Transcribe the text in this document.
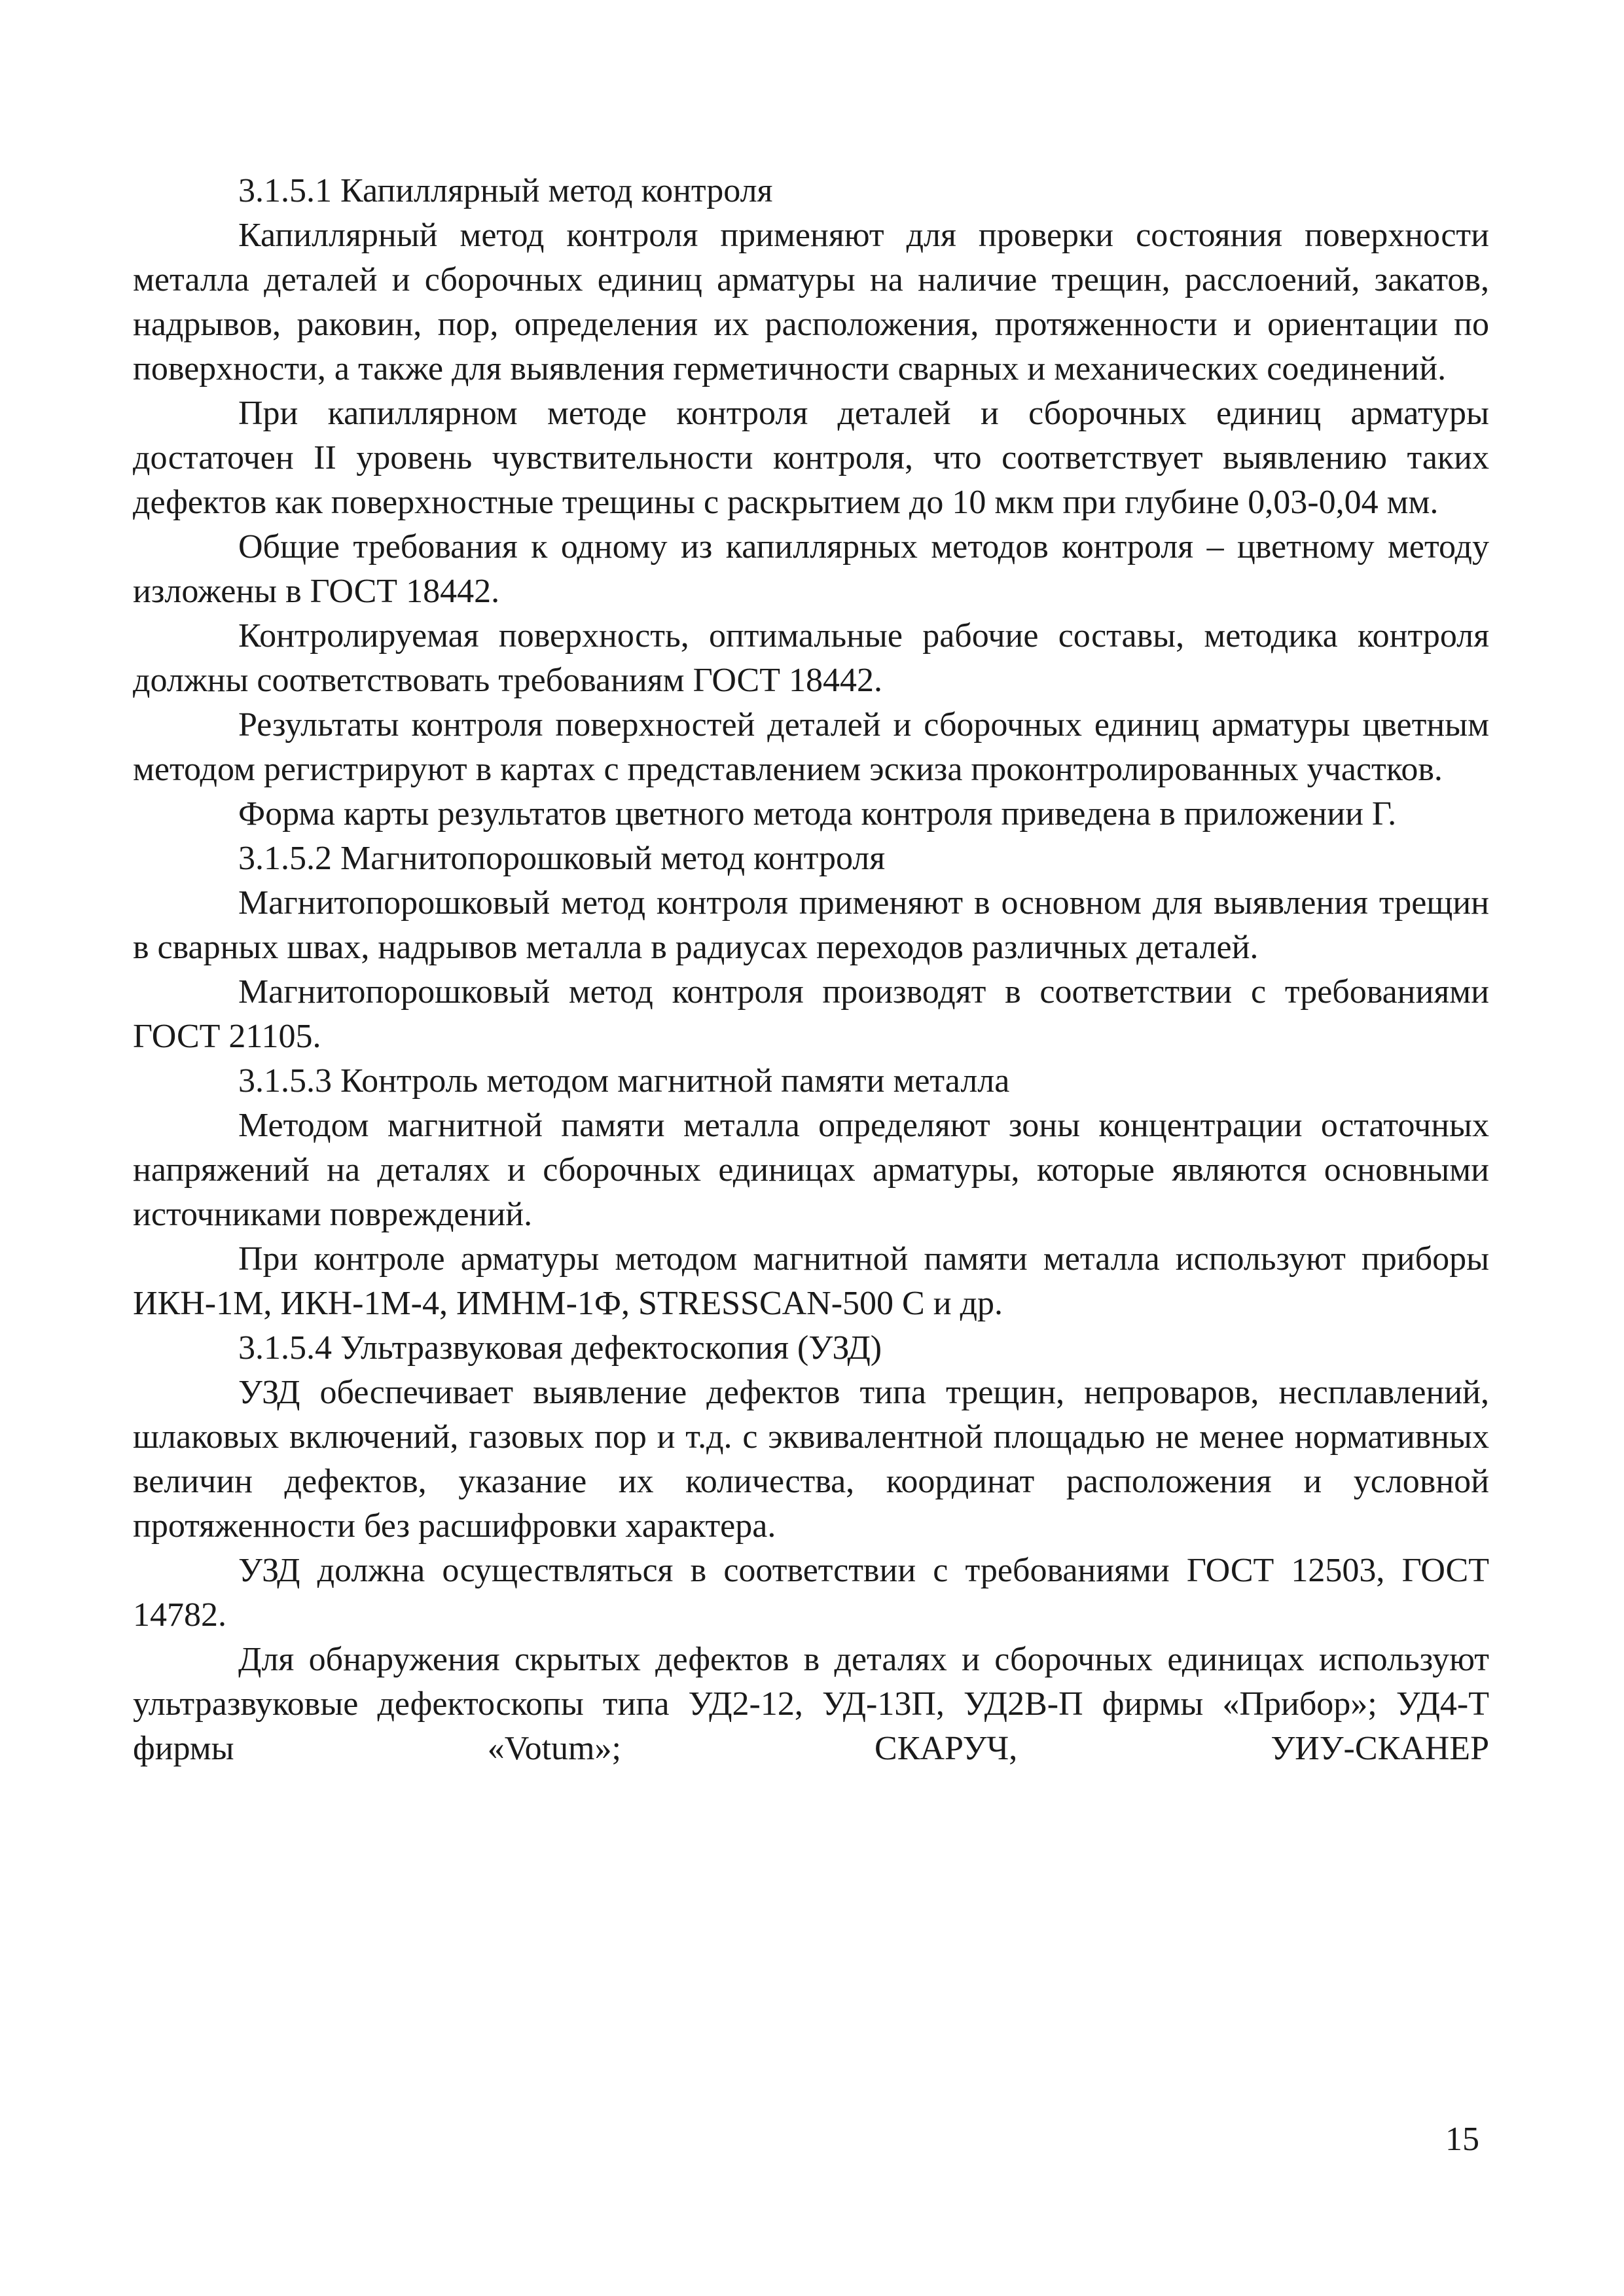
3.1.5.1 Капиллярный метод контроля

Капиллярный метод контроля применяют для проверки состояния поверхности металла деталей и сборочных единиц арматуры на наличие трещин, расслоений, закатов, надрывов, раковин, пор, определения их расположения, протяженности и ориентации по поверхности, а также для выявления герметичности сварных и механических соединений.

При капиллярном методе контроля деталей и сборочных единиц арматуры достаточен II уровень чувствительности контроля, что соответствует выявлению таких дефектов как поверхностные трещины с раскрытием до 10 мкм при глубине 0,03-0,04 мм.

Общие требования к одному из капиллярных методов контроля – цветному методу изложены в ГОСТ 18442.

Контролируемая поверхность, оптимальные рабочие составы, методика контроля должны соответствовать требованиям ГОСТ 18442.

Результаты контроля поверхностей деталей и сборочных единиц арматуры цветным методом регистрируют в картах с представлением эскиза проконтролированных участков.

Форма карты результатов цветного метода контроля приведена в приложении Г.

3.1.5.2 Магнитопорошковый метод контроля

Магнитопорошковый метод контроля применяют в основном для выявления трещин в сварных швах, надрывов металла в радиусах переходов различных деталей.

Магнитопорошковый метод контроля производят в соответствии с требованиями ГОСТ 21105.

3.1.5.3 Контроль методом магнитной памяти металла

Методом магнитной памяти металла определяют зоны концентрации остаточных напряжений на деталях и сборочных единицах арматуры, которые являются основными источниками повреждений.

При контроле арматуры методом магнитной памяти металла используют приборы ИКН-1М, ИКН-1М-4, ИМНМ-1Ф, STRESSCAN-500 С и др.

3.1.5.4 Ультразвуковая дефектоскопия (УЗД)

УЗД обеспечивает выявление дефектов типа трещин, непроваров, несплавлений, шлаковых включений, газовых пор и т.д. с эквивалентной площадью не менее нормативных величин дефектов, указание их количества, координат расположения и условной протяженности без расшифровки характера.

УЗД должна осуществляться в соответствии с требованиями ГОСТ 12503, ГОСТ 14782.

Для обнаружения скрытых дефектов в деталях и сборочных единицах используют ультразвуковые дефектоскопы типа УД2-12, УД-13П, УД2В-П фирмы «Прибор»; УД4-Т фирмы «Votum»; СКАРУЧ, УИУ-СКАНЕР

15
